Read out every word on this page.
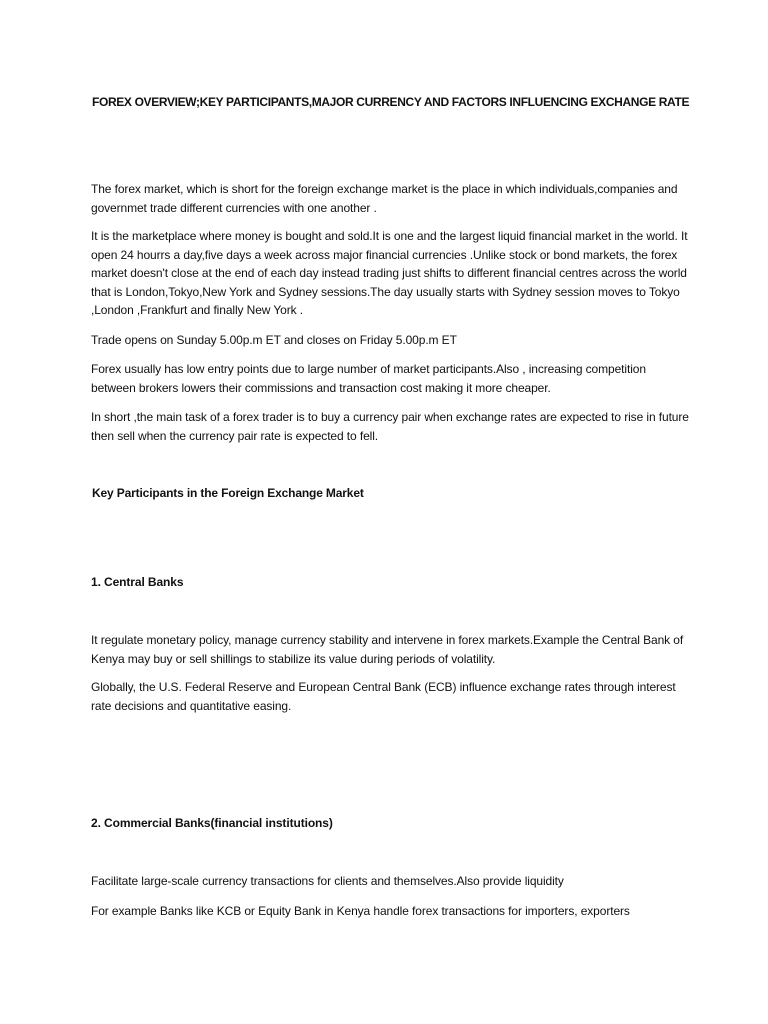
FOREX OVERVIEW;KEY PARTICIPANTS,MAJOR CURRENCY AND FACTORS INFLUENCING EXCHANGE RATE

The forex market, which is short for the foreign exchange market is the place in which individuals,companies and governmet trade different currencies with one another .

It is the marketplace where money is bought and sold.It is one and the largest liquid financial market in the world. It open 24 hourrs a day,five days a week across major financial currencies .Unlike stock or bond markets, the forex market doesn't close at the end of each day instead trading just shifts to different financial centres across the world that is London,Tokyo,New York and Sydney sessions.The day usually starts with Sydney session moves to Tokyo ,London ,Frankfurt and finally New York .

Trade opens on Sunday 5.00p.m ET and closes on Friday 5.00p.m ET

Forex usually has low entry points due to large number of market participants.Also , increasing competition between brokers lowers their commissions and transaction cost making it more cheaper.

In short ,the main task of a forex trader is to buy a currency pair when exchange rates are expected to rise in future then sell when the currency pair rate is expected to fell.

Key Participants in the Foreign Exchange Market
1. Central Banks

It regulate monetary policy, manage currency stability and intervene in forex markets.Example the Central Bank of Kenya may buy or sell shillings to stabilize its value during periods of volatility.

Globally, the U.S. Federal Reserve and European Central Bank (ECB) influence exchange rates through interest rate decisions and quantitative easing.

2. Commercial Banks(financial institutions)

Facilitate large-scale currency transactions for clients and themselves.Also provide liquidity

For example Banks like KCB or Equity Bank in Kenya handle forex transactions for importers, exporters
